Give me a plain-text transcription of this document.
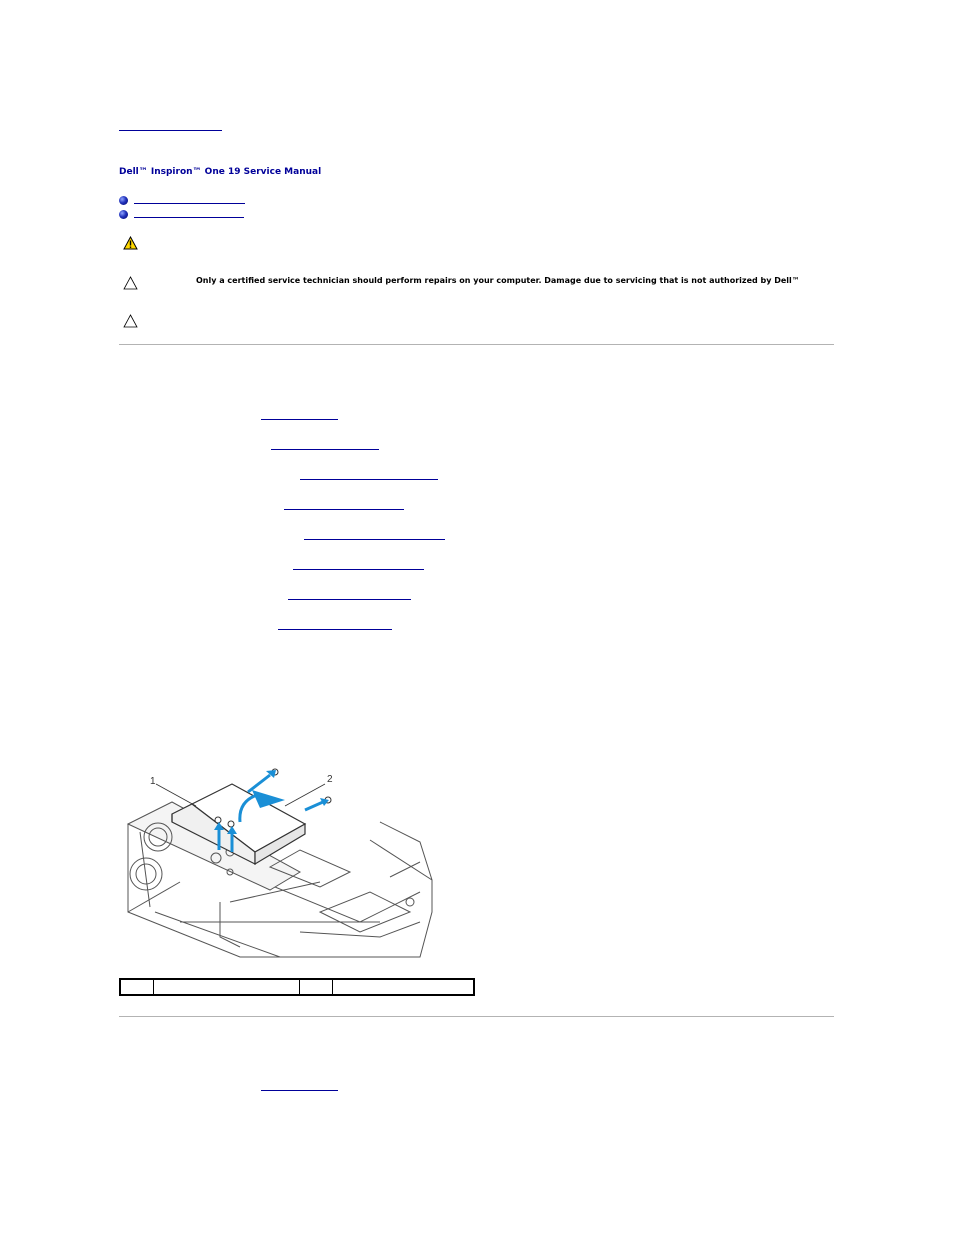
Dell™ Inspiron™ One 19 Service Manual
Only a certified service technician should perform repairs on your computer. Damage due to servicing that is not authorized by Dell™
1	2
